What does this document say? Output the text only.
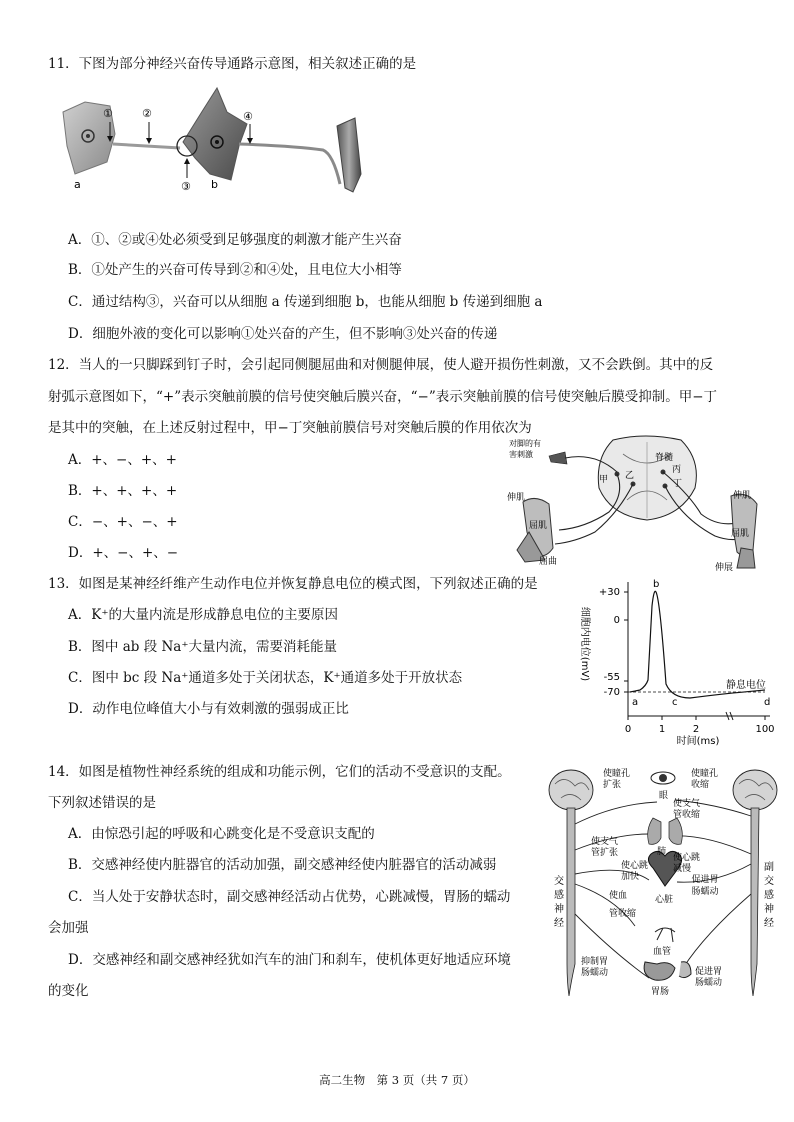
11．下图为部分神经兴奋传导通路示意图，相关叙述正确的是
a	b
①	②
③
④
A．①、②或④处必须受到足够强度的刺激才能产生兴奋
B．①处产生的兴奋可传导到②和④处，且电位大小相等
C．通过结构③，兴奋可以从细胞 a 传递到细胞 b，也能从细胞 b 传递到细胞 a
D．细胞外液的变化可以影响①处兴奋的产生，但不影响③处兴奋的传递
12．当人的一只脚踩到钉子时，会引起同侧腿屈曲和对侧腿伸展，使人避开损伤性刺激，又不会跌倒。其中的反
射弧示意图如下，“+”表示突触前膜的信号使突触后膜兴奋，“−”表示突触前膜的信号使突触后膜受抑制。甲−丁
是其中的突触，在上述反射过程中，甲−丁突触前膜信号对突触后膜的作用依次为
A．+、−、+、+
B．+、+、+、+
C．−、+、−、+
D．+、−、+、−
对脚的有
害刺激	脊髓
甲 乙
丙
丁
伸肌
屈肌
屈曲
伸肌
屈肌
伸展
13．如图是某神经纤维产生动作电位并恢复静息电位的模式图，下列叙述正确的是
A．K⁺的大量内流是形成静息电位的主要原因
B．图中 ab 段 Na⁺大量内流，需要消耗能量
C．图中 bc 段 Na⁺通道多处于关闭状态，K⁺通道多处于开放状态
D．动作电位峰值大小与有效刺激的强弱成正比
细胞内电位(mV)
+30
0
-55
-70
b
a	c	d
静息电位
0	1	2	100
时间(ms)
14．如图是植物性神经系统的组成和功能示例，它们的活动不受意识的支配。
下列叙述错误的是
A．由惊恐引起的呼吸和心跳变化是不受意识支配的
B．交感神经使内脏器官的活动加强，副交感神经使内脏器官的活动减弱
C．当人处于安静状态时，副交感神经活动占优势，心跳减慢，胃肠的蠕动
会加强
D．交感神经和副交感神经犹如汽车的油门和刹车，使机体更好地适应环境
的变化
使瞳孔
扩张
眼
使瞳孔
收缩
使支气
管收缩
使支气
管扩张	肺
使心跳
加快
使心跳
减慢
心脏
使血
管收缩
血管
胃肠
抑制胃
肠蠕动	促进胃
肠蠕动
促进胃
肠蠕动
交
感
神
经
副
交
感
神
经
高二生物　第 3 页（共 7 页）
